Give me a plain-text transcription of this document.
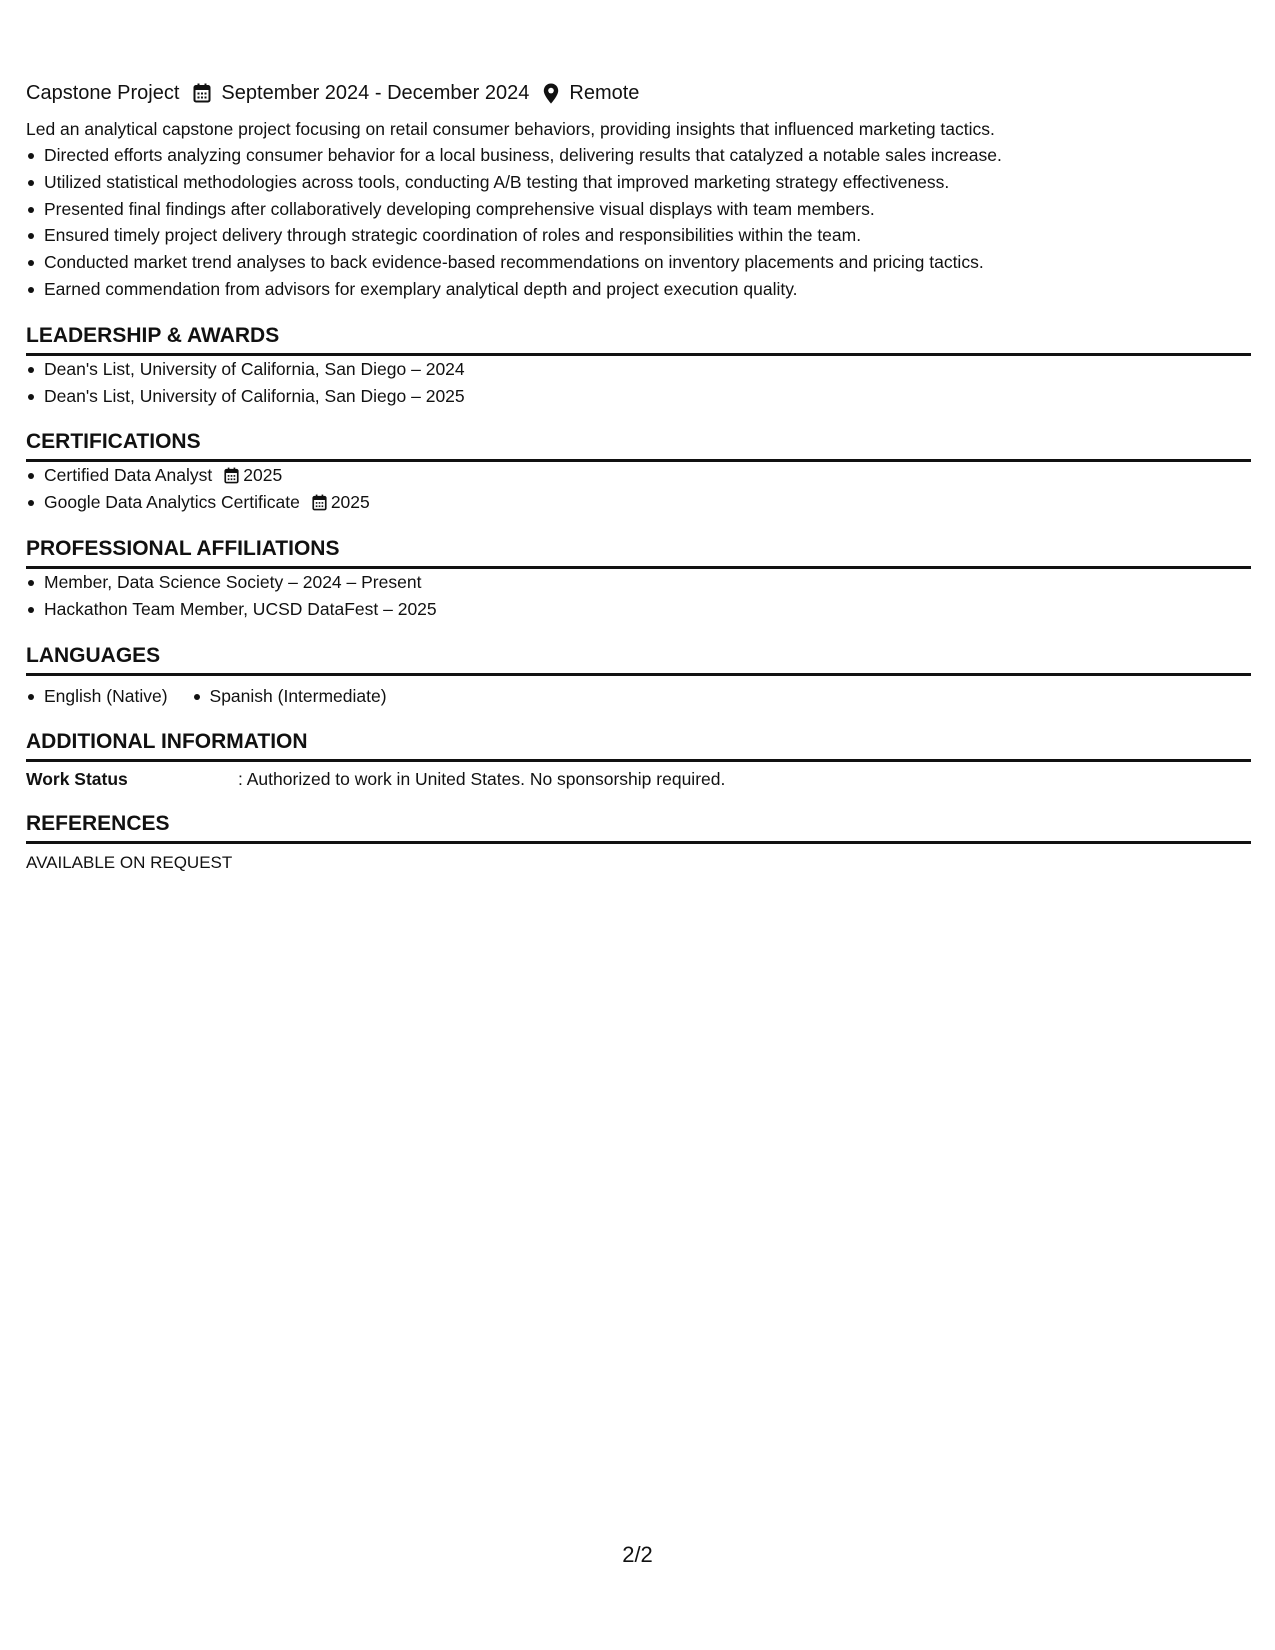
Capstone Project September 2024 - December 2024 Remote
Led an analytical capstone project focusing on retail consumer behaviors, providing insights that influenced marketing tactics.
Directed efforts analyzing consumer behavior for a local business, delivering results that catalyzed a notable sales increase.
Utilized statistical methodologies across tools, conducting A/B testing that improved marketing strategy effectiveness.
Presented final findings after collaboratively developing comprehensive visual displays with team members.
Ensured timely project delivery through strategic coordination of roles and responsibilities within the team.
Conducted market trend analyses to back evidence-based recommendations on inventory placements and pricing tactics.
Earned commendation from advisors for exemplary analytical depth and project execution quality.
LEADERSHIP & AWARDS
Dean's List, University of California, San Diego – 2024
Dean's List, University of California, San Diego – 2025
CERTIFICATIONS
Certified Data Analyst 2025
Google Data Analytics Certificate 2025
PROFESSIONAL AFFILIATIONS
Member, Data Science Society – 2024 – Present
Hackathon Team Member, UCSD DataFest – 2025
LANGUAGES
English (Native) Spanish (Intermediate)
ADDITIONAL INFORMATION
Work Status	: Authorized to work in United States. No sponsorship required.
REFERENCES
AVAILABLE ON REQUEST
2/2
